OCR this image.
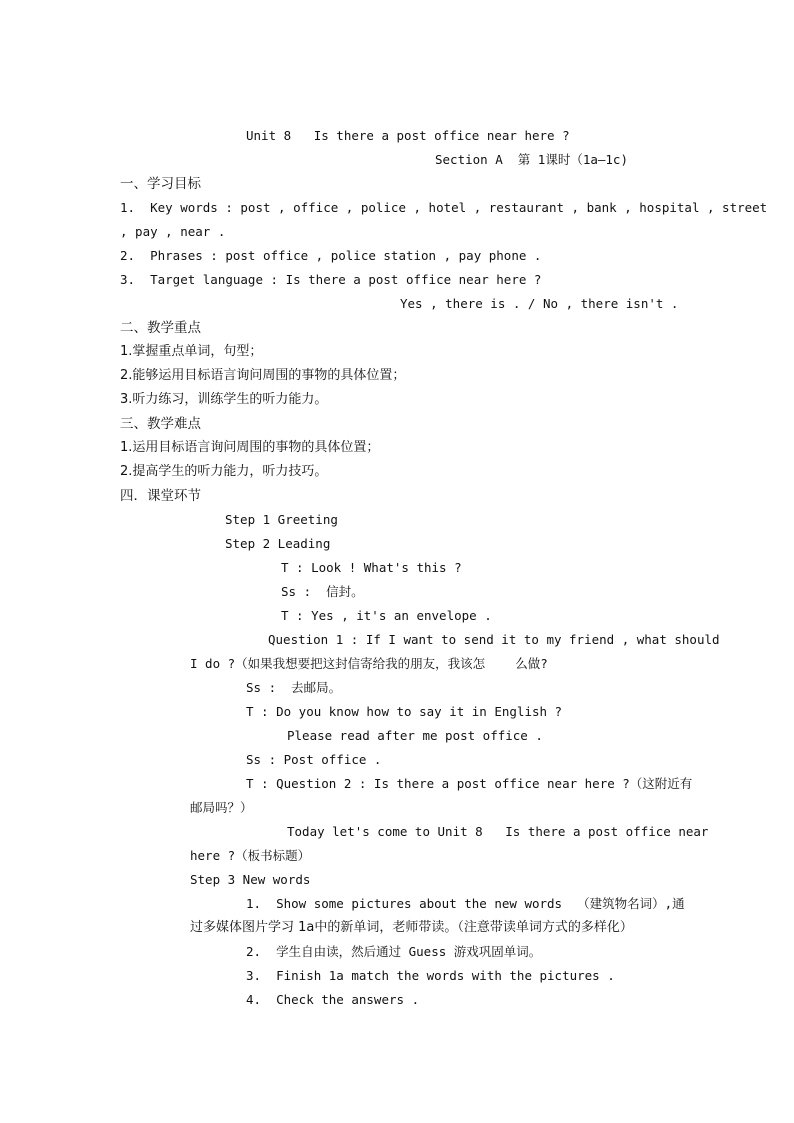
Unit 8   Is there a post office near here ?
Section A  第 1课时（1a—1c)
一、学习目标
1.  Key words : post , office , police , hotel , restaurant , bank , hospital , street
, pay , near .
2.  Phrases : post office , police station , pay phone .
3.  Target language : Is there a post office near here ?
Yes , there is . / No , there isn't .
二、教学重点
1.掌握重点单词，句型；
2.能够运用目标语言询问周围的事物的具体位置；
3.听力练习，训练学生的听力能力。
三、教学难点
1.运用目标语言询问周围的事物的具体位置；
2.提高学生的听力能力，听力技巧。
四．课堂环节
Step 1 Greeting
Step 2 Leading
T : Look ! What's this ?
Ss :  信封。
T : Yes , it's an envelope .
Question 1 : If I want to send it to my friend , what should
I do ?（如果我想要把这封信寄给我的朋友，我该怎    么做?
Ss :  去邮局。
T : Do you know how to say it in English ?
Please read after me post office .
Ss : Post office .
T : Question 2 : Is there a post office near here ?（这附近有
邮局吗？）
Today let's come to Unit 8   Is there a post office near
here ?（板书标题）
Step 3 New words
1.  Show some pictures about the new words  （建筑物名词）,通
过多媒体图片学习 1a中的新单词，老师带读。（注意带读单词方式的多样化）
2.  学生自由读，然后通过 Guess 游戏巩固单词。
3.  Finish 1a match the words with the pictures .
4.  Check the answers .
